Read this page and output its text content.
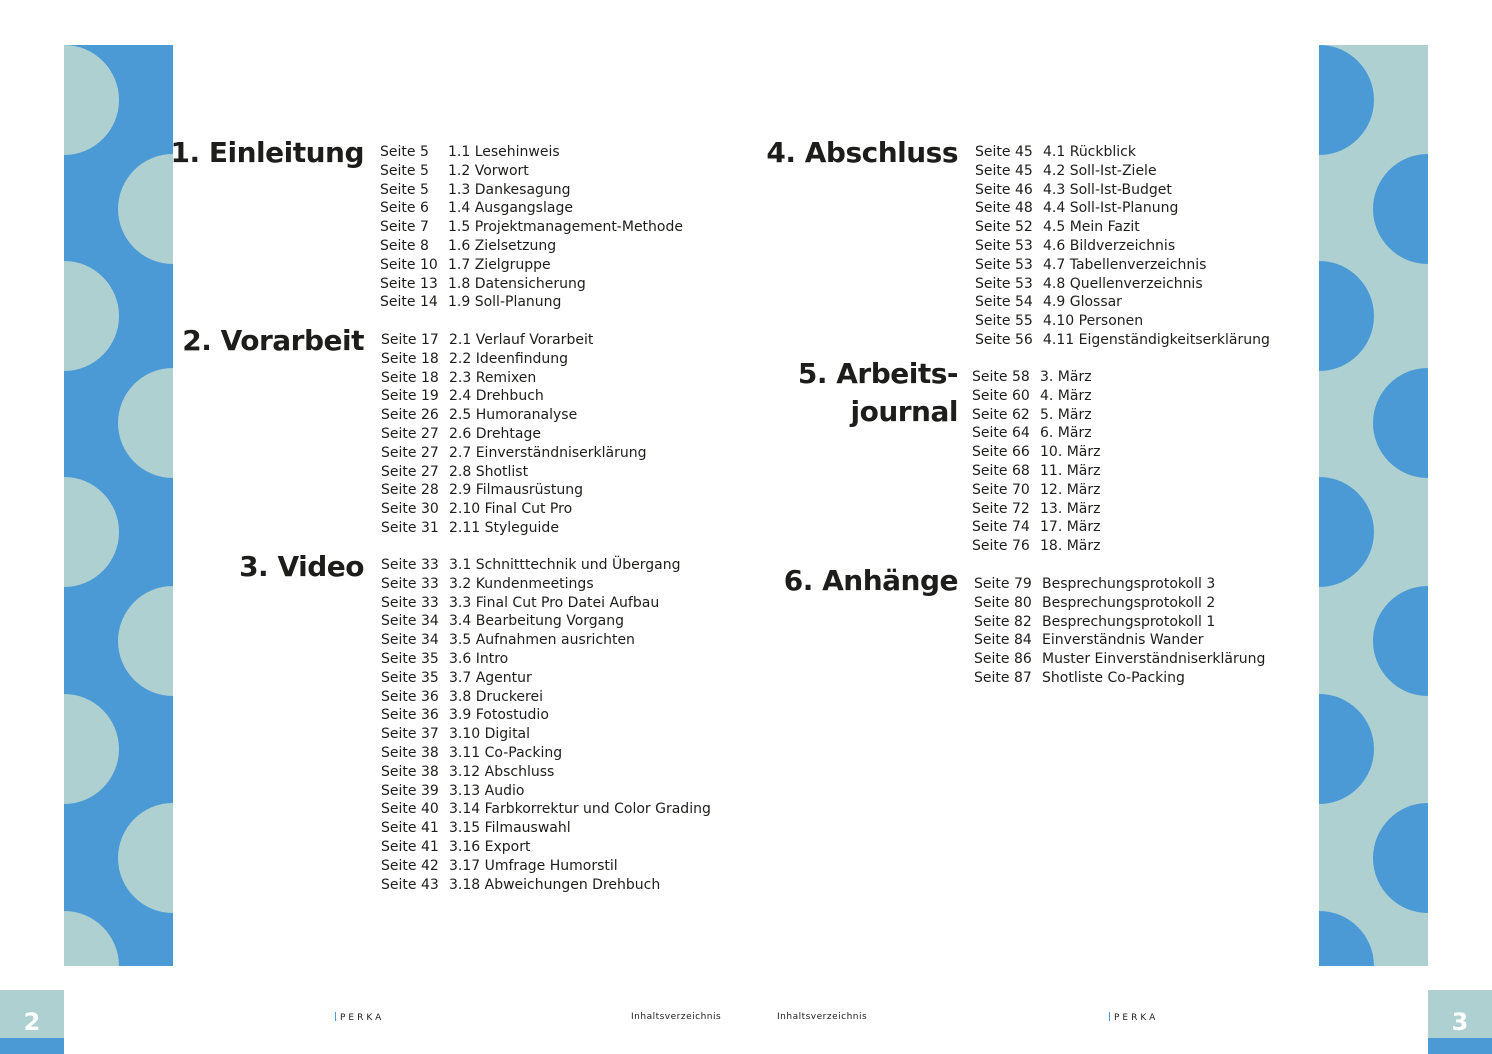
1. Einleitung Seite 5	1.1 Lesehinweis
Seite 5	1.2 Vorwort
Seite 5	1.3 Dankesagung
Seite 6	1.4 Ausgangslage
Seite 7	1.5 Projektmanagement-Methode
Seite 8	1.6 Zielsetzung
Seite 10 1.7 Zielgruppe
Seite 13 1.8 Datensicherung
Seite 14 1.9 Soll-Planung
2. Vorarbeit Seite 17 2.1 Verlauf Vorarbeit
Seite 18 2.2 Ideenfindung
Seite 18 2.3 Remixen
Seite 19 2.4 Drehbuch
Seite 26 2.5 Humoranalyse
Seite 27 2.6 Drehtage
Seite 27 2.7 Einverständniserklärung
Seite 27 2.8 Shotlist
Seite 28 2.9 Filmausrüstung
Seite 30 2.10 Final Cut Pro
Seite 31 2.11 Styleguide
3. Video Seite 33 3.1 Schnitttechnik und Übergang
Seite 33 3.2 Kundenmeetings
Seite 33 3.3 Final Cut Pro Datei Aufbau
Seite 34 3.4 Bearbeitung Vorgang
Seite 34 3.5 Aufnahmen ausrichten
Seite 35 3.6 Intro
Seite 35 3.7 Agentur
Seite 36 3.8 Druckerei
Seite 36 3.9 Fotostudio
Seite 37 3.10 Digital
Seite 38 3.11 Co-Packing
Seite 38 3.12 Abschluss
Seite 39 3.13 Audio
Seite 40 3.14 Farbkorrektur und Color Grading
Seite 41 3.15 Filmauswahl
Seite 41 3.16 Export
Seite 42 3.17 Umfrage Humorstil
Seite 43 3.18 Abweichungen Drehbuch
4. Abschluss Seite 45 4.1 Rückblick
Seite 45 4.2 Soll-Ist-Ziele
Seite 46 4.3 Soll-Ist-Budget
Seite 48 4.4 Soll-Ist-Planung
Seite 52 4.5 Mein Fazit
Seite 53 4.6 Bildverzeichnis
Seite 53 4.7 Tabellenverzeichnis
Seite 53 4.8 Quellenverzeichnis
Seite 54 4.9 Glossar
Seite 55 4.10 Personen
Seite 56 4.11 Eigenständigkeitserklärung
5. Arbeits-
journal
Seite 58 3. März
Seite 60 4. März
Seite 62 5. März
Seite 64 6. März
Seite 66 10. März
Seite 68 11. März
Seite 70 12. März
Seite 72 13. März
Seite 74 17. März
Seite 76 18. März
6. Anhänge Seite 79 Besprechungsprotokoll 3
Seite 80 Besprechungsprotokoll 2
Seite 82 Besprechungsprotokoll 1
Seite 84 Einverständnis Wander
Seite 86 Muster Einverständniserklärung
Seite 87 Shotliste Co-Packing
2	PERKA	Inhaltsverzeichnis	Inhaltsverzeichnis	PERKA	3
